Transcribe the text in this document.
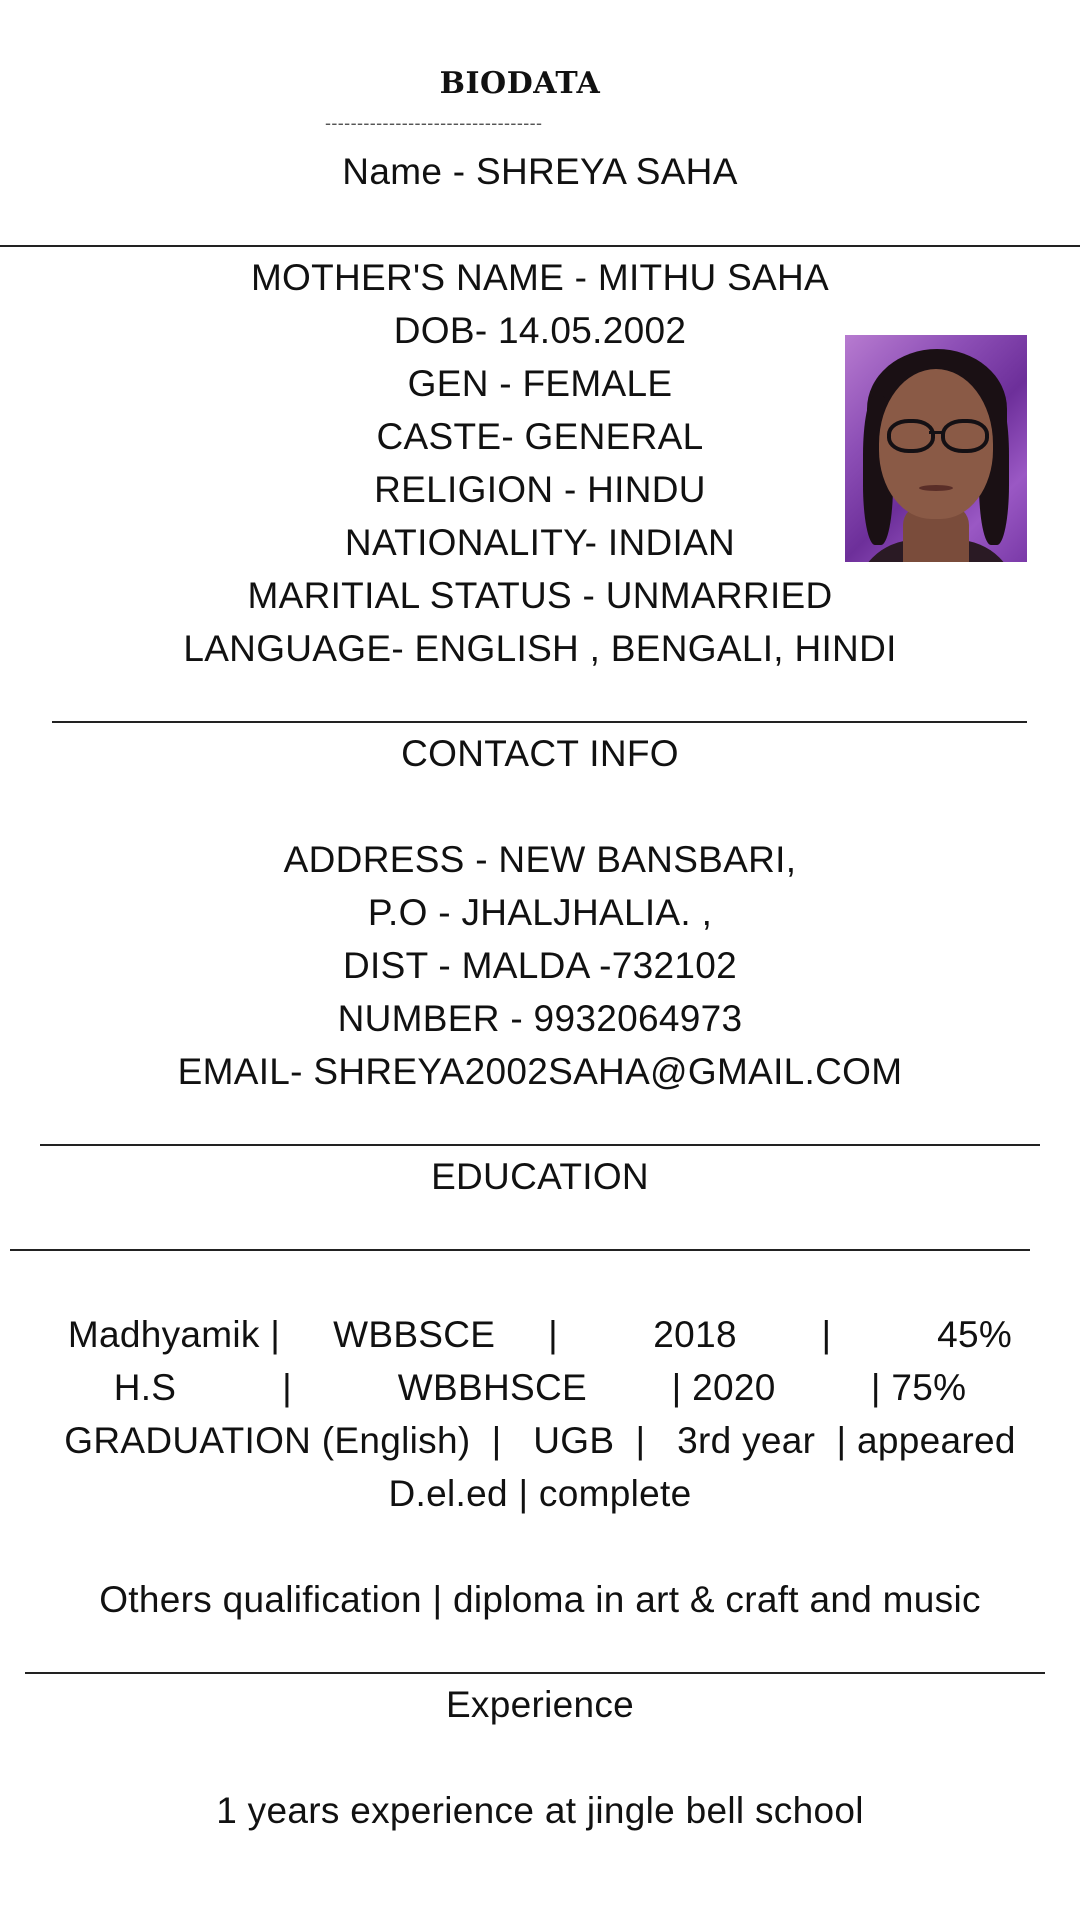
BIODATA
----------------------------------
Name - SHREYA SAHA
MOTHER'S NAME - MITHU SAHA
DOB- 14.05.2002
GEN - FEMALE
CASTE- GENERAL
RELIGION - HINDU
NATIONALITY- INDIAN
MARITIAL STATUS - UNMARRIED
LANGUAGE- ENGLISH , BENGALI, HINDI
CONTACT INFO
ADDRESS - NEW BANSBARI,
P.O - JHALJHALIA. ,
DIST - MALDA -732102
NUMBER - 9932064973
EMAIL- SHREYA2002SAHA@GMAIL.COM
EDUCATION
Madhyamik |     WBBSCE     |         2018        |          45%
H.S          |          WBBHSCE        | 2020         | 75%
GRADUATION (English)  |   UGB  |   3rd year  | appeared
D.el.ed | complete
Others qualification | diploma in art & craft and music
Experience
1 years experience at jingle bell school
